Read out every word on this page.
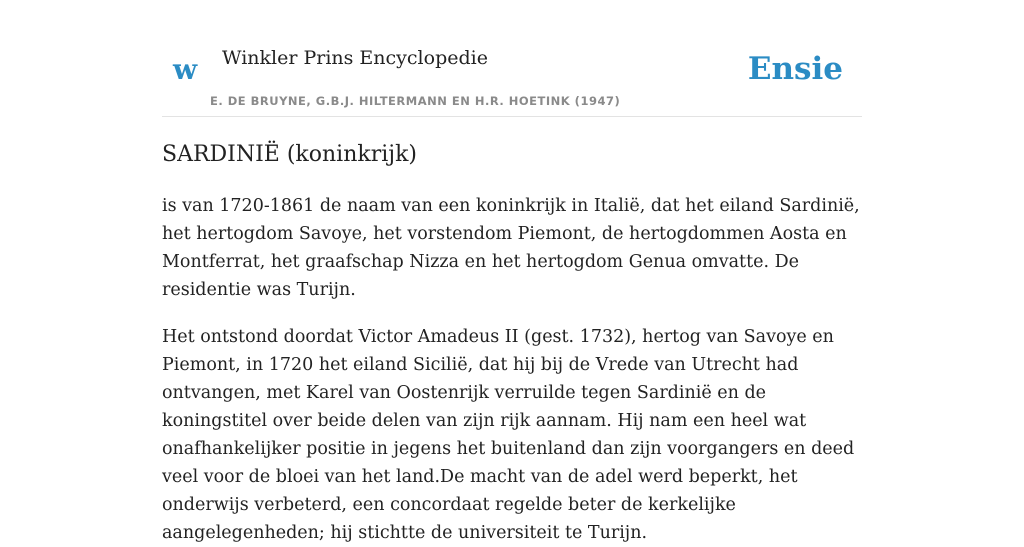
w Winkler Prins Encyclopedie
E. DE BRUYNE, G.B.J. HILTERMANN EN H.R. HOETINK (1947)
Ensie
SARDINIË (koninkrijk)

is van 1720-1861 de naam van een koninkrijk in Italië, dat het eiland Sardinië, het hertogdom Savoye, het vorstendom Piemont, de hertogdommen Aosta en Montferrat, het graafschap Nizza en het hertogdom Genua omvatte. De residentie was Turijn.

Het ontstond doordat Victor Amadeus II (gest. 1732), hertog van Savoye en Piemont, in 1720 het eiland Sicilië, dat hij bij de Vrede van Utrecht had ontvangen, met Karel van Oostenrijk verruilde tegen Sardinië en de koningstitel over beide delen van zijn rijk aannam. Hij nam een heel wat onafhankelijker positie in jegens het buitenland dan zijn voorgangers en deed veel voor de bloei van het land.De macht van de adel werd beperkt, het onderwijs verbeterd, een concordaat regelde beter de kerkelijke aangelegenheden; hij stichtte de universiteit te Turijn.
